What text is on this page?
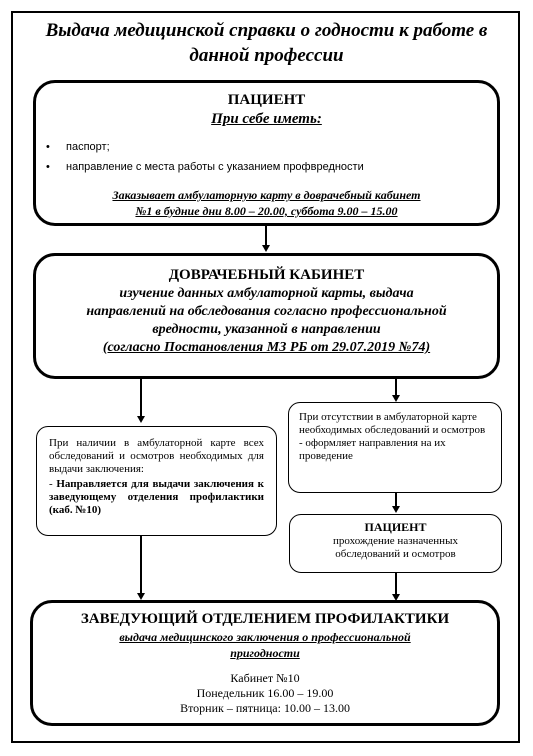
Выдача медицинской справки о годности к работе в данной профессии
ПАЦИЕНТ
При себе иметь:
• паспорт;
• направление с места работы с указанием профвредности
Заказывает амбулаторную карту в доврачебный кабинет
№1 в будние дни 8.00 – 20.00, суббота 9.00 – 15.00
ДОВРАЧЕБНЫЙ КАБИНЕТ
изучение данных амбулаторной карты, выдача
направлений на обследования согласно профессиональной
вредности, указанной в направлении
(согласно Постановления МЗ РБ от 29.07.2019 №74)
При наличии в амбулаторной карте всех обследований и осмотров необходимых для выдачи заключения:
- Направляется для выдачи заключения к заведующему отделения профилактики (каб. №10)
При отсутствии в амбулаторной карте необходимых обследований и осмотров
- оформляет направления на их проведение
ПАЦИЕНТ
прохождение назначенных
обследований и осмотров
ЗАВЕДУЮЩИЙ ОТДЕЛЕНИЕМ ПРОФИЛАКТИКИ
выдача медицинского заключения о профессиональной
пригодности
Кабинет №10
Понедельник 16.00 – 19.00
Вторник – пятница: 10.00 – 13.00
